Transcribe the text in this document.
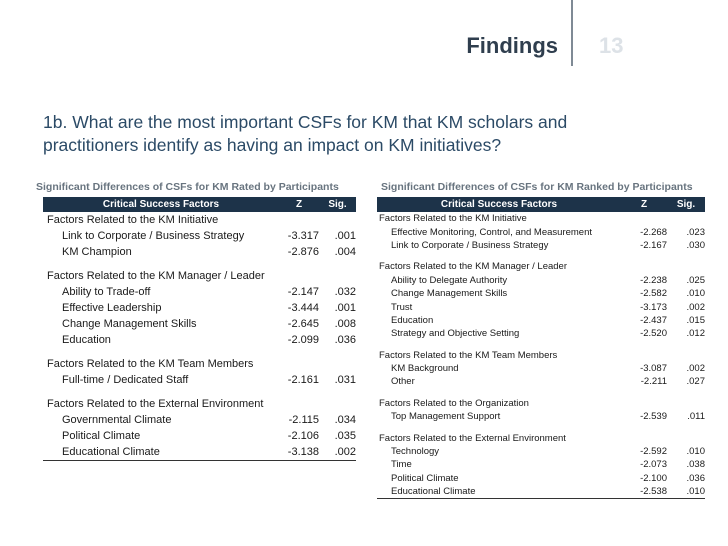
Findings 13
1b. What are the most important CSFs for KM that KM scholars and practitioners identify as having an impact on KM initiatives?
Significant Differences of CSFs for KM Rated by Participants	Significant Differences of CSFs for KM Ranked by Participants
Critical Success Factors	Z	Sig.
Factors Related to the KM Initiative		
Link to Corporate / Business Strategy	-3.317	.001
KM Champion	-2.876	.004

Factors Related to the KM Manager / Leader		
Ability to Trade-off	-2.147	.032
Effective Leadership	-3.444	.001
Change Management Skills	-2.645	.008
Education	-2.099	.036

Factors Related to the KM Team Members		
Full-time / Dedicated Staff	-2.161	.031

Factors Related to the External Environment		
Governmental Climate	-2.115	.034
Political Climate	-2.106	.035
Educational Climate	-3.138	.002
Critical Success Factors	Z	Sig.
Factors Related to the KM Initiative		
Effective Monitoring, Control, and Measurement	-2.268	.023
Link to Corporate / Business Strategy	-2.167	.030

Factors Related to the KM Manager / Leader		
Ability to Delegate Authority	-2.238	.025
Change Management Skills	-2.582	.010
Trust	-3.173	.002
Education	-2.437	.015
Strategy and Objective Setting	-2.520	.012

Factors Related to the KM Team Members		
KM Background	-3.087	.002
Other	-2.211	.027

Factors Related to the Organization		
Top Management Support	-2.539	.011

Factors Related to the External Environment		
Technology	-2.592	.010
Time	-2.073	.038
Political Climate	-2.100	.036
Educational Climate	-2.538	.010
